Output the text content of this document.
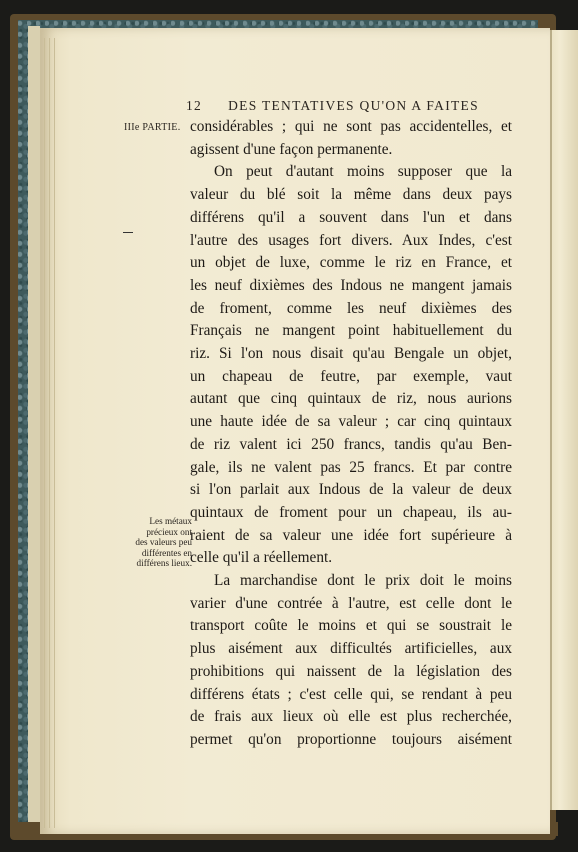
12 DES TENTATIVES QU'ON A FAITES
IIIe PARTIE.
Les métaux
précieux ont
des valeurs peu
différentes en
différens lieux.
considérables ; qui ne sont pas accidentelles, et
agissent d'une façon permanente.
On peut d'autant moins supposer que la
valeur du blé soit la même dans deux pays
différens qu'il a souvent dans l'un et dans
l'autre des usages fort divers. Aux Indes, c'est
un objet de luxe, comme le riz en France, et
les neuf dixièmes des Indous ne mangent jamais
de froment, comme les neuf dixièmes des
Français ne mangent point habituellement du
riz. Si l'on nous disait qu'au Bengale un objet,
un chapeau de feutre, par exemple, vaut
autant que cinq quintaux de riz, nous aurions
une haute idée de sa valeur ; car cinq quintaux
de riz valent ici 250 francs, tandis qu'au Ben-
gale, ils ne valent pas 25 francs. Et par contre
si l'on parlait aux Indous de la valeur de deux
quintaux de froment pour un chapeau, ils au-
raient de sa valeur une idée fort supérieure à
celle qu'il a réellement.
La marchandise dont le prix doit le moins
varier d'une contrée à l'autre, est celle dont le
transport coûte le moins et qui se soustrait le
plus aisément aux difficultés artificielles, aux
prohibitions qui naissent de la législation des
différens états ; c'est celle qui, se rendant à peu
de frais aux lieux où elle est plus recherchée,
permet qu'on proportionne toujours aisément
